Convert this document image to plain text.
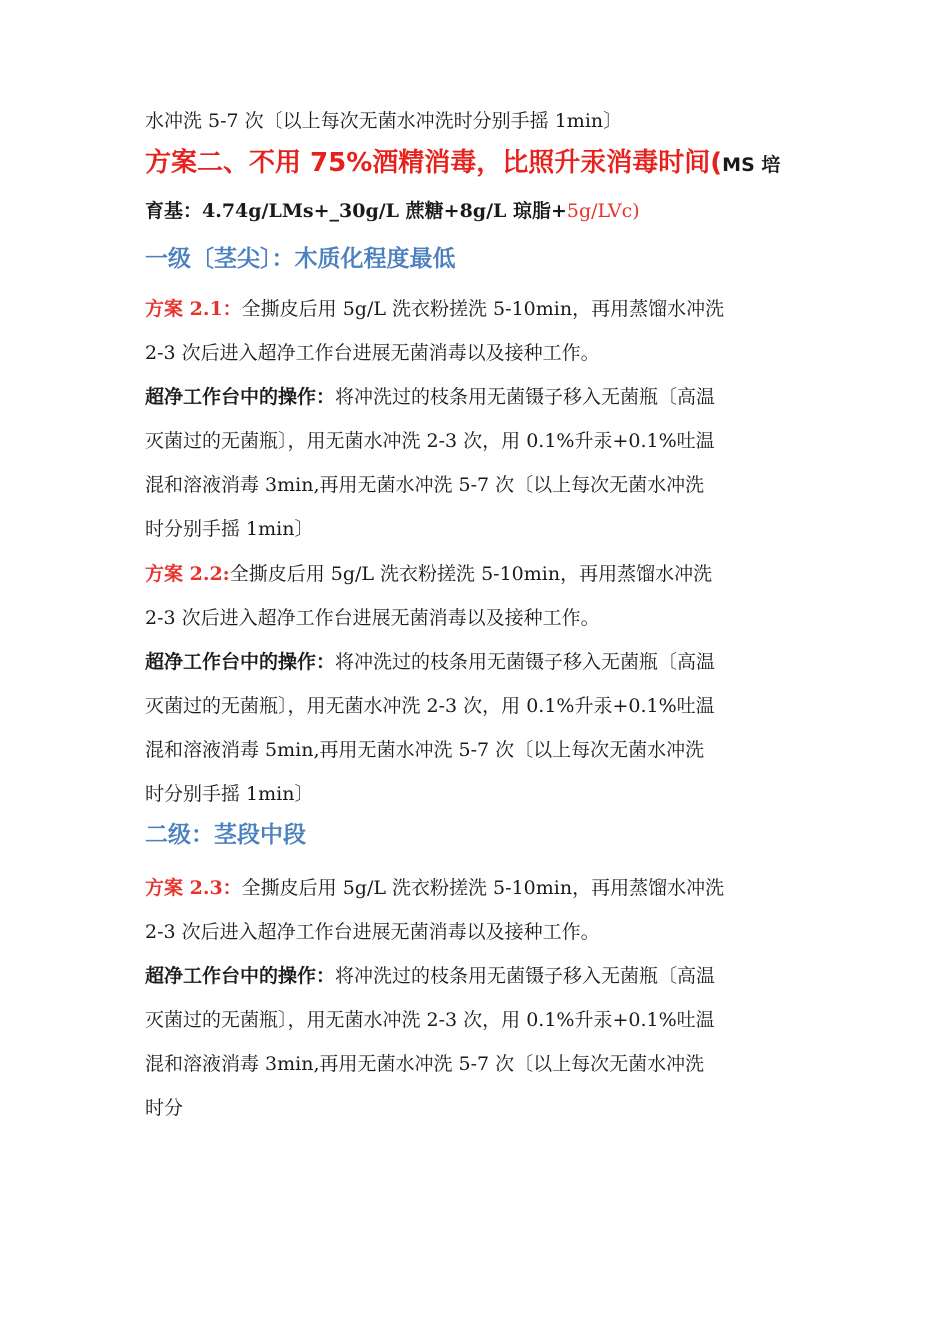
水冲洗 5-7 次〔以上每次无菌水冲洗时分别手摇 1min〕
方案二、不用 75%酒精消毒，比照升汞消毒时间(MS 培
育基：4.74g/LMs+_30g/L 蔗糖+8g/L 琼脂+5g/LVc)
一级〔茎尖〕：木质化程度最低
方案 2.1：全撕皮后用 5g/L 洗衣粉搓洗 5-10min，再用蒸馏水冲洗
2-3 次后进入超净工作台进展无菌消毒以及接种工作。
超净工作台中的操作：将冲洗过的枝条用无菌镊子移入无菌瓶〔高温
灭菌过的无菌瓶〕，用无菌水冲洗 2-3 次，用 0.1%升汞+0.1%吐温
混和溶液消毒 3min,再用无菌水冲洗 5-7 次〔以上每次无菌水冲洗
时分别手摇 1min〕
方案 2.2:全撕皮后用 5g/L 洗衣粉搓洗 5-10min，再用蒸馏水冲洗
2-3 次后进入超净工作台进展无菌消毒以及接种工作。
超净工作台中的操作：将冲洗过的枝条用无菌镊子移入无菌瓶〔高温
灭菌过的无菌瓶〕，用无菌水冲洗 2-3 次，用 0.1%升汞+0.1%吐温
混和溶液消毒 5min,再用无菌水冲洗 5-7 次〔以上每次无菌水冲洗
时分别手摇 1min〕
二级：茎段中段
方案 2.3：全撕皮后用 5g/L 洗衣粉搓洗 5-10min，再用蒸馏水冲洗
2-3 次后进入超净工作台进展无菌消毒以及接种工作。
超净工作台中的操作：将冲洗过的枝条用无菌镊子移入无菌瓶〔高温
灭菌过的无菌瓶〕，用无菌水冲洗 2-3 次，用 0.1%升汞+0.1%吐温
混和溶液消毒 3min,再用无菌水冲洗 5-7 次〔以上每次无菌水冲洗
时分
